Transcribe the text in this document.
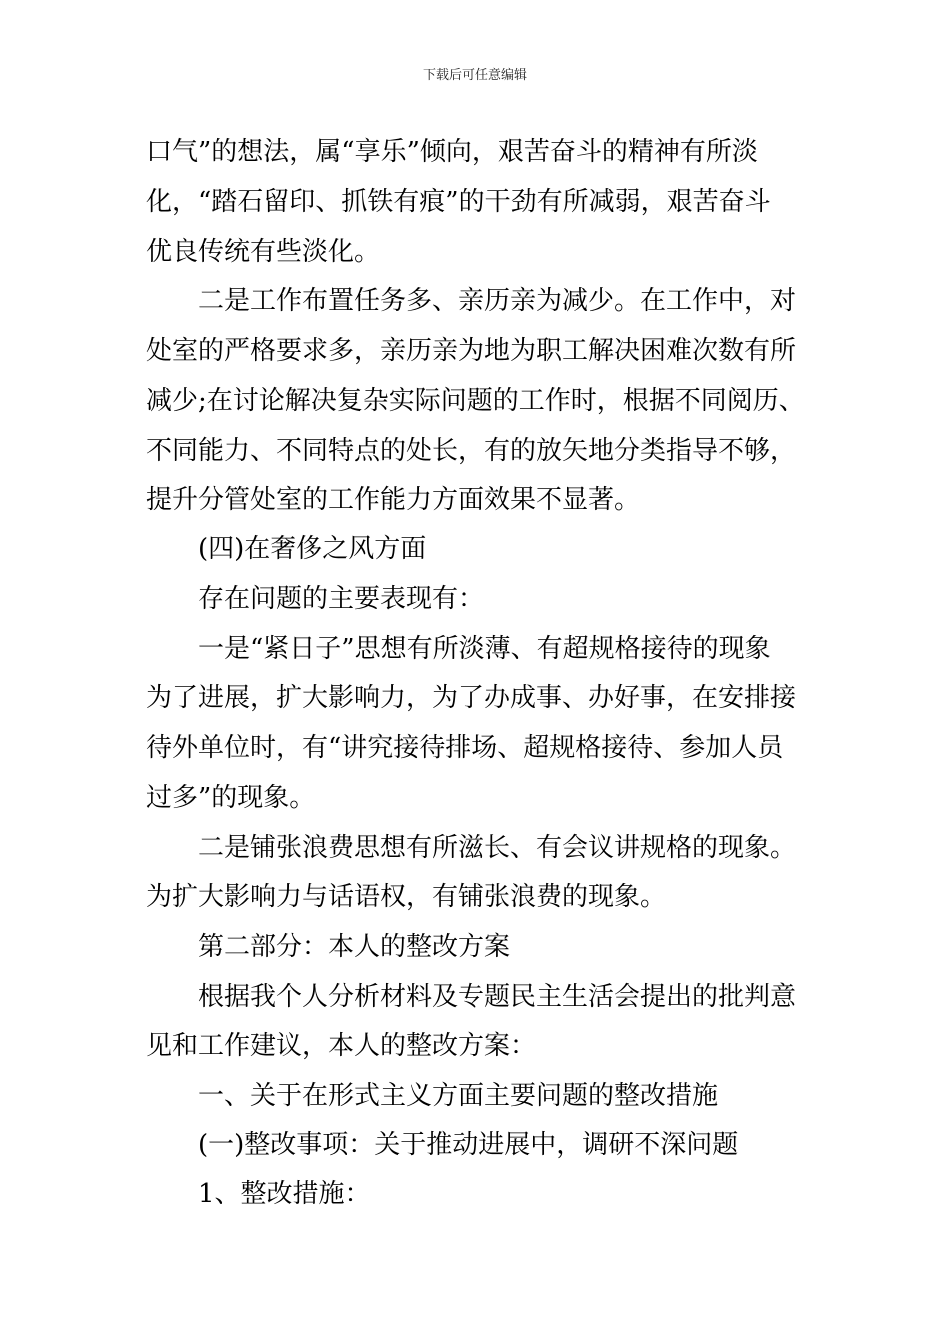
下载后可任意编辑
口气”的想法，属“享乐”倾向，艰苦奋斗的精神有所淡
化，“踏石留印、抓铁有痕”的干劲有所减弱，艰苦奋斗
优良传统有些淡化。
二是工作布置任务多、亲历亲为减少。在工作中，对
处室的严格要求多，亲历亲为地为职工解决困难次数有所
减少;在讨论解决复杂实际问题的工作时，根据不同阅历、
不同能力、不同特点的处长，有的放矢地分类指导不够，
提升分管处室的工作能力方面效果不显著。
(四)在奢侈之风方面
存在问题的主要表现有：
一是“紧日子”思想有所淡薄、有超规格接待的现象
为了进展，扩大影响力，为了办成事、办好事，在安排接
待外单位时，有“讲究接待排场、超规格接待、参加人员
过多”的现象。
二是铺张浪费思想有所滋长、有会议讲规格的现象。
为扩大影响力与话语权，有铺张浪费的现象。
第二部分：本人的整改方案
根据我个人分析材料及专题民主生活会提出的批判意
见和工作建议，本人的整改方案：
一、关于在形式主义方面主要问题的整改措施
(一)整改事项：关于推动进展中，调研不深问题
1、整改措施：
